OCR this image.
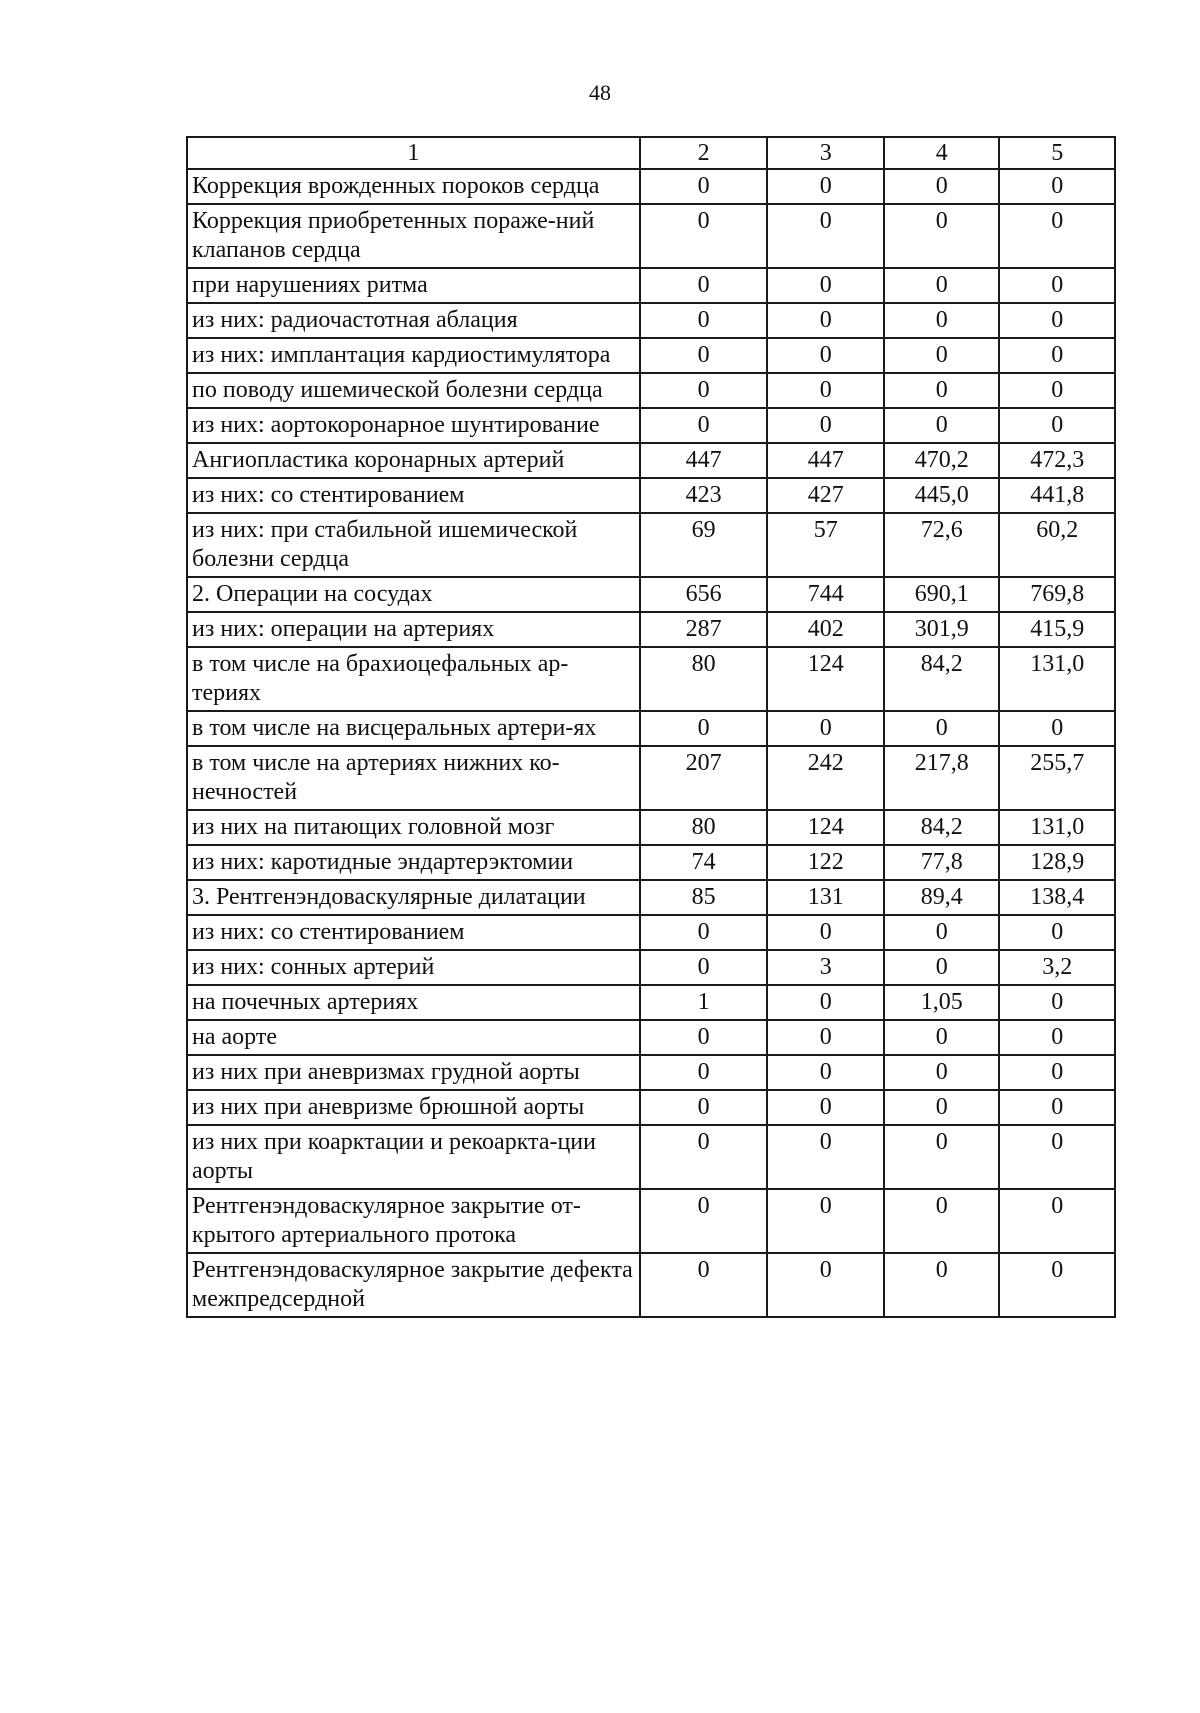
48
1	2	3	4	5
Коррекция врожденных пороков сердца	0	0	0	0
Коррекция приобретенных пораже-ний клапанов сердца	0	0	0	0
при нарушениях ритма	0	0	0	0
из них: радиочастотная аблация	0	0	0	0
из них: имплантация кардиостимулятора	0	0	0	0
по поводу ишемической болезни сердца	0	0	0	0
из них: аортокоронарное шунтирование	0	0	0	0
Ангиопластика коронарных артерий	447	447	470,2	472,3
из них: со стентированием	423	427	445,0	441,8
из них: при стабильной ишемической болезни сердца	69	57	72,6	60,2
2. Операции на сосудах	656	744	690,1	769,8
из них: операции на артериях	287	402	301,9	415,9
в том числе на брахиоцефальных ар-териях	80	124	84,2	131,0
в том числе на висцеральных артери-ях	0	0	0	0
в том числе на артериях нижних ко-нечностей	207	242	217,8	255,7
из них на питающих головной мозг	80	124	84,2	131,0
из них: каротидные эндартерэктомии	74	122	77,8	128,9
3. Рентгенэндоваскулярные дилатации	85	131	89,4	138,4
из них: со стентированием	0	0	0	0
из них: сонных артерий	0	3	0	3,2
на почечных артериях	1	0	1,05	0
на аорте	0	0	0	0
из них при аневризмах грудной аорты	0	0	0	0
из них при аневризме брюшной аорты	0	0	0	0
из них при коарктации и рекоаркта-ции аорты	0	0	0	0
Рентгенэндоваскулярное закрытие от-крытого артериального протока	0	0	0	0
Рентгенэндоваскулярное закрытие дефекта межпредсердной	0	0	0	0
